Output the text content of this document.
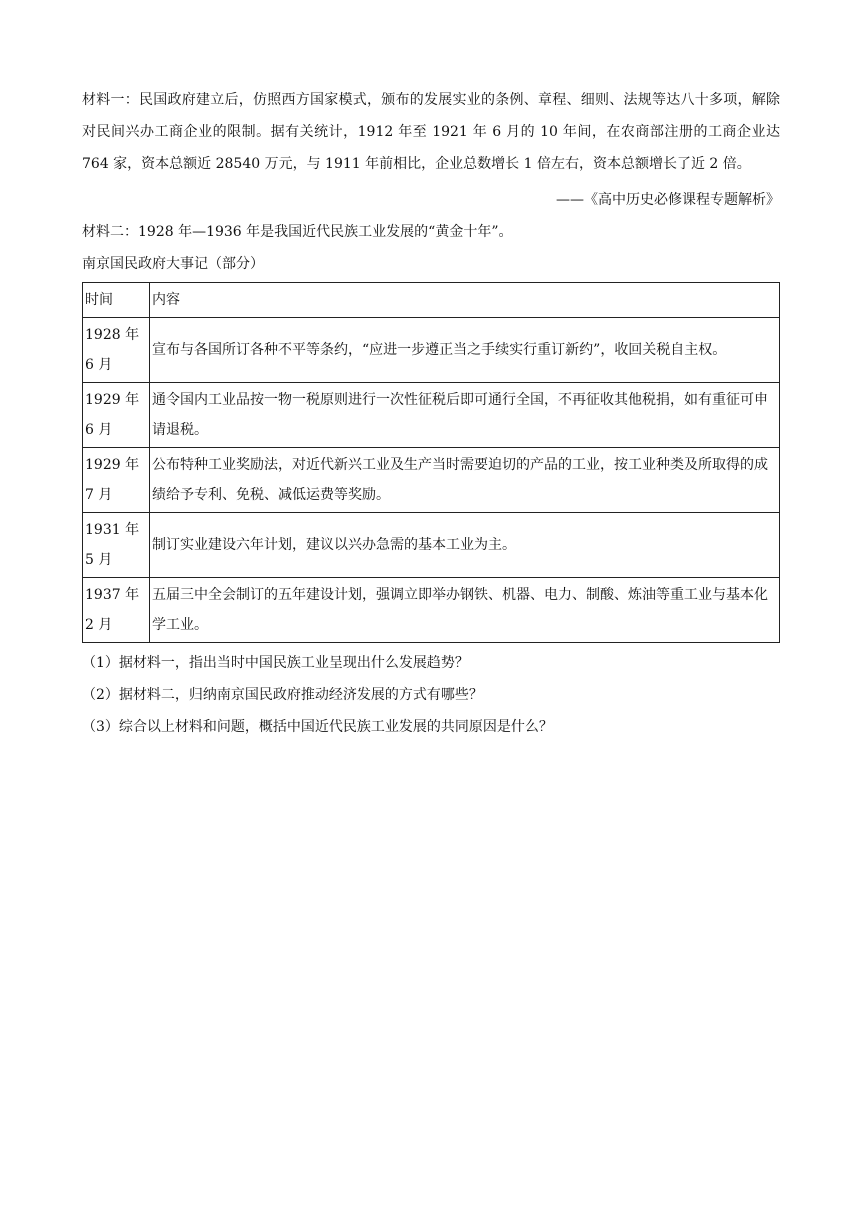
材料一：民国政府建立后，仿照西方国家模式，颁布的发展实业的条例、章程、细则、法规等达八十多项，解除对民间兴办工商企业的限制。据有关统计，1912 年至 1921 年 6 月的 10 年间，在农商部注册的工商企业达 764 家，资本总额近 28540 万元，与 1911 年前相比，企业总数增长 1 倍左右，资本总额增长了近 2 倍。

——《高中历史必修课程专题解析》

材料二：1928 年—1936 年是我国近代民族工业发展的“黄金十年”。

南京国民政府大事记（部分）

时间	内容
1928 年 6 月	宣布与各国所订各种不平等条约，“应进一步遵正当之手续实行重订新约”，收回关税自主权。
1929 年 6 月	通令国内工业品按一物一税原则进行一次性征税后即可通行全国，不再征收其他税捐，如有重征可申请退税。
1929 年 7 月	公布特种工业奖励法，对近代新兴工业及生产当时需要迫切的产品的工业，按工业种类及所取得的成绩给予专利、免税、减低运费等奖励。
1931 年 5 月	制订实业建设六年计划，建议以兴办急需的基本工业为主。
1937 年 2 月	五届三中全会制订的五年建设计划，强调立即举办钢铁、机器、电力、制酸、炼油等重工业与基本化学工业。

（1）据材料一，指出当时中国民族工业呈现出什么发展趋势？

（2）据材料二，归纳南京国民政府推动经济发展的方式有哪些？

（3）综合以上材料和问题，概括中国近代民族工业发展的共同原因是什么？
